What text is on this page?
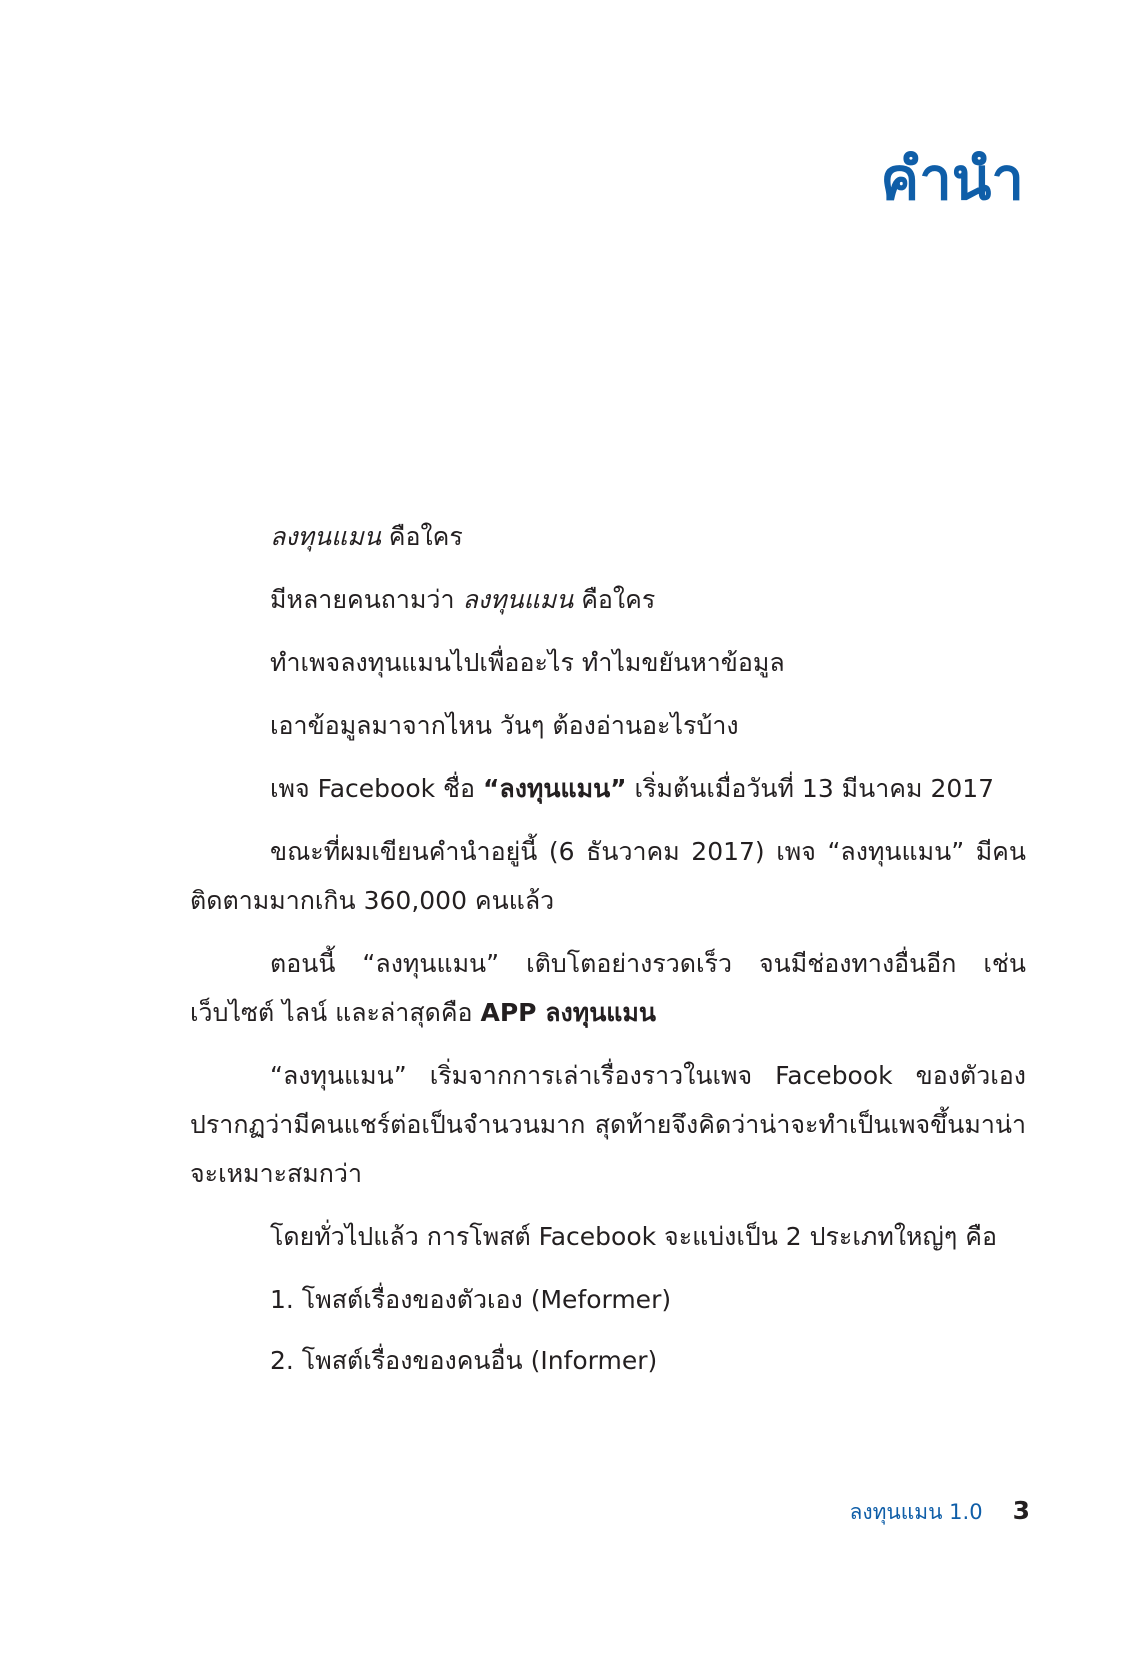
คำนำ

ลงทุนแมน คือใคร

มีหลายคนถามว่า ลงทุนแมน คือใคร

ทำเพจลงทุนแมนไปเพื่ออะไร ทำไมขยันหาข้อมูล

เอาข้อมูลมาจากไหน วันๆ ต้องอ่านอะไรบ้าง

เพจ Facebook ชื่อ “ลงทุนแมน” เริ่มต้นเมื่อวันที่ 13 มีนาคม 2017

ขณะที่ผมเขียนคำนำอยู่นี้ (6 ธันวาคม 2017) เพจ “ลงทุนแมน” มีคนติดตามมากเกิน 360,000 คนแล้ว

ตอนนี้ “ลงทุนแมน” เติบโตอย่างรวดเร็ว จนมีช่องทางอื่นอีก เช่น เว็บไซต์ ไลน์ และล่าสุดคือ APP ลงทุนแมน

“ลงทุนแมน” เริ่มจากการเล่าเรื่องราวในเพจ Facebook ของตัวเอง ปรากฏว่ามีคนแชร์ต่อเป็นจำนวนมาก สุดท้ายจึงคิดว่าน่าจะทำเป็นเพจขึ้นมาน่าจะเหมาะสมกว่า

โดยทั่วไปแล้ว การโพสต์ Facebook จะแบ่งเป็น 2 ประเภทใหญ่ๆ คือ

1. โพสต์เรื่องของตัวเอง (Meformer)

2. โพสต์เรื่องของคนอื่น (Informer)

ลงทุนแมน 1.0 3
